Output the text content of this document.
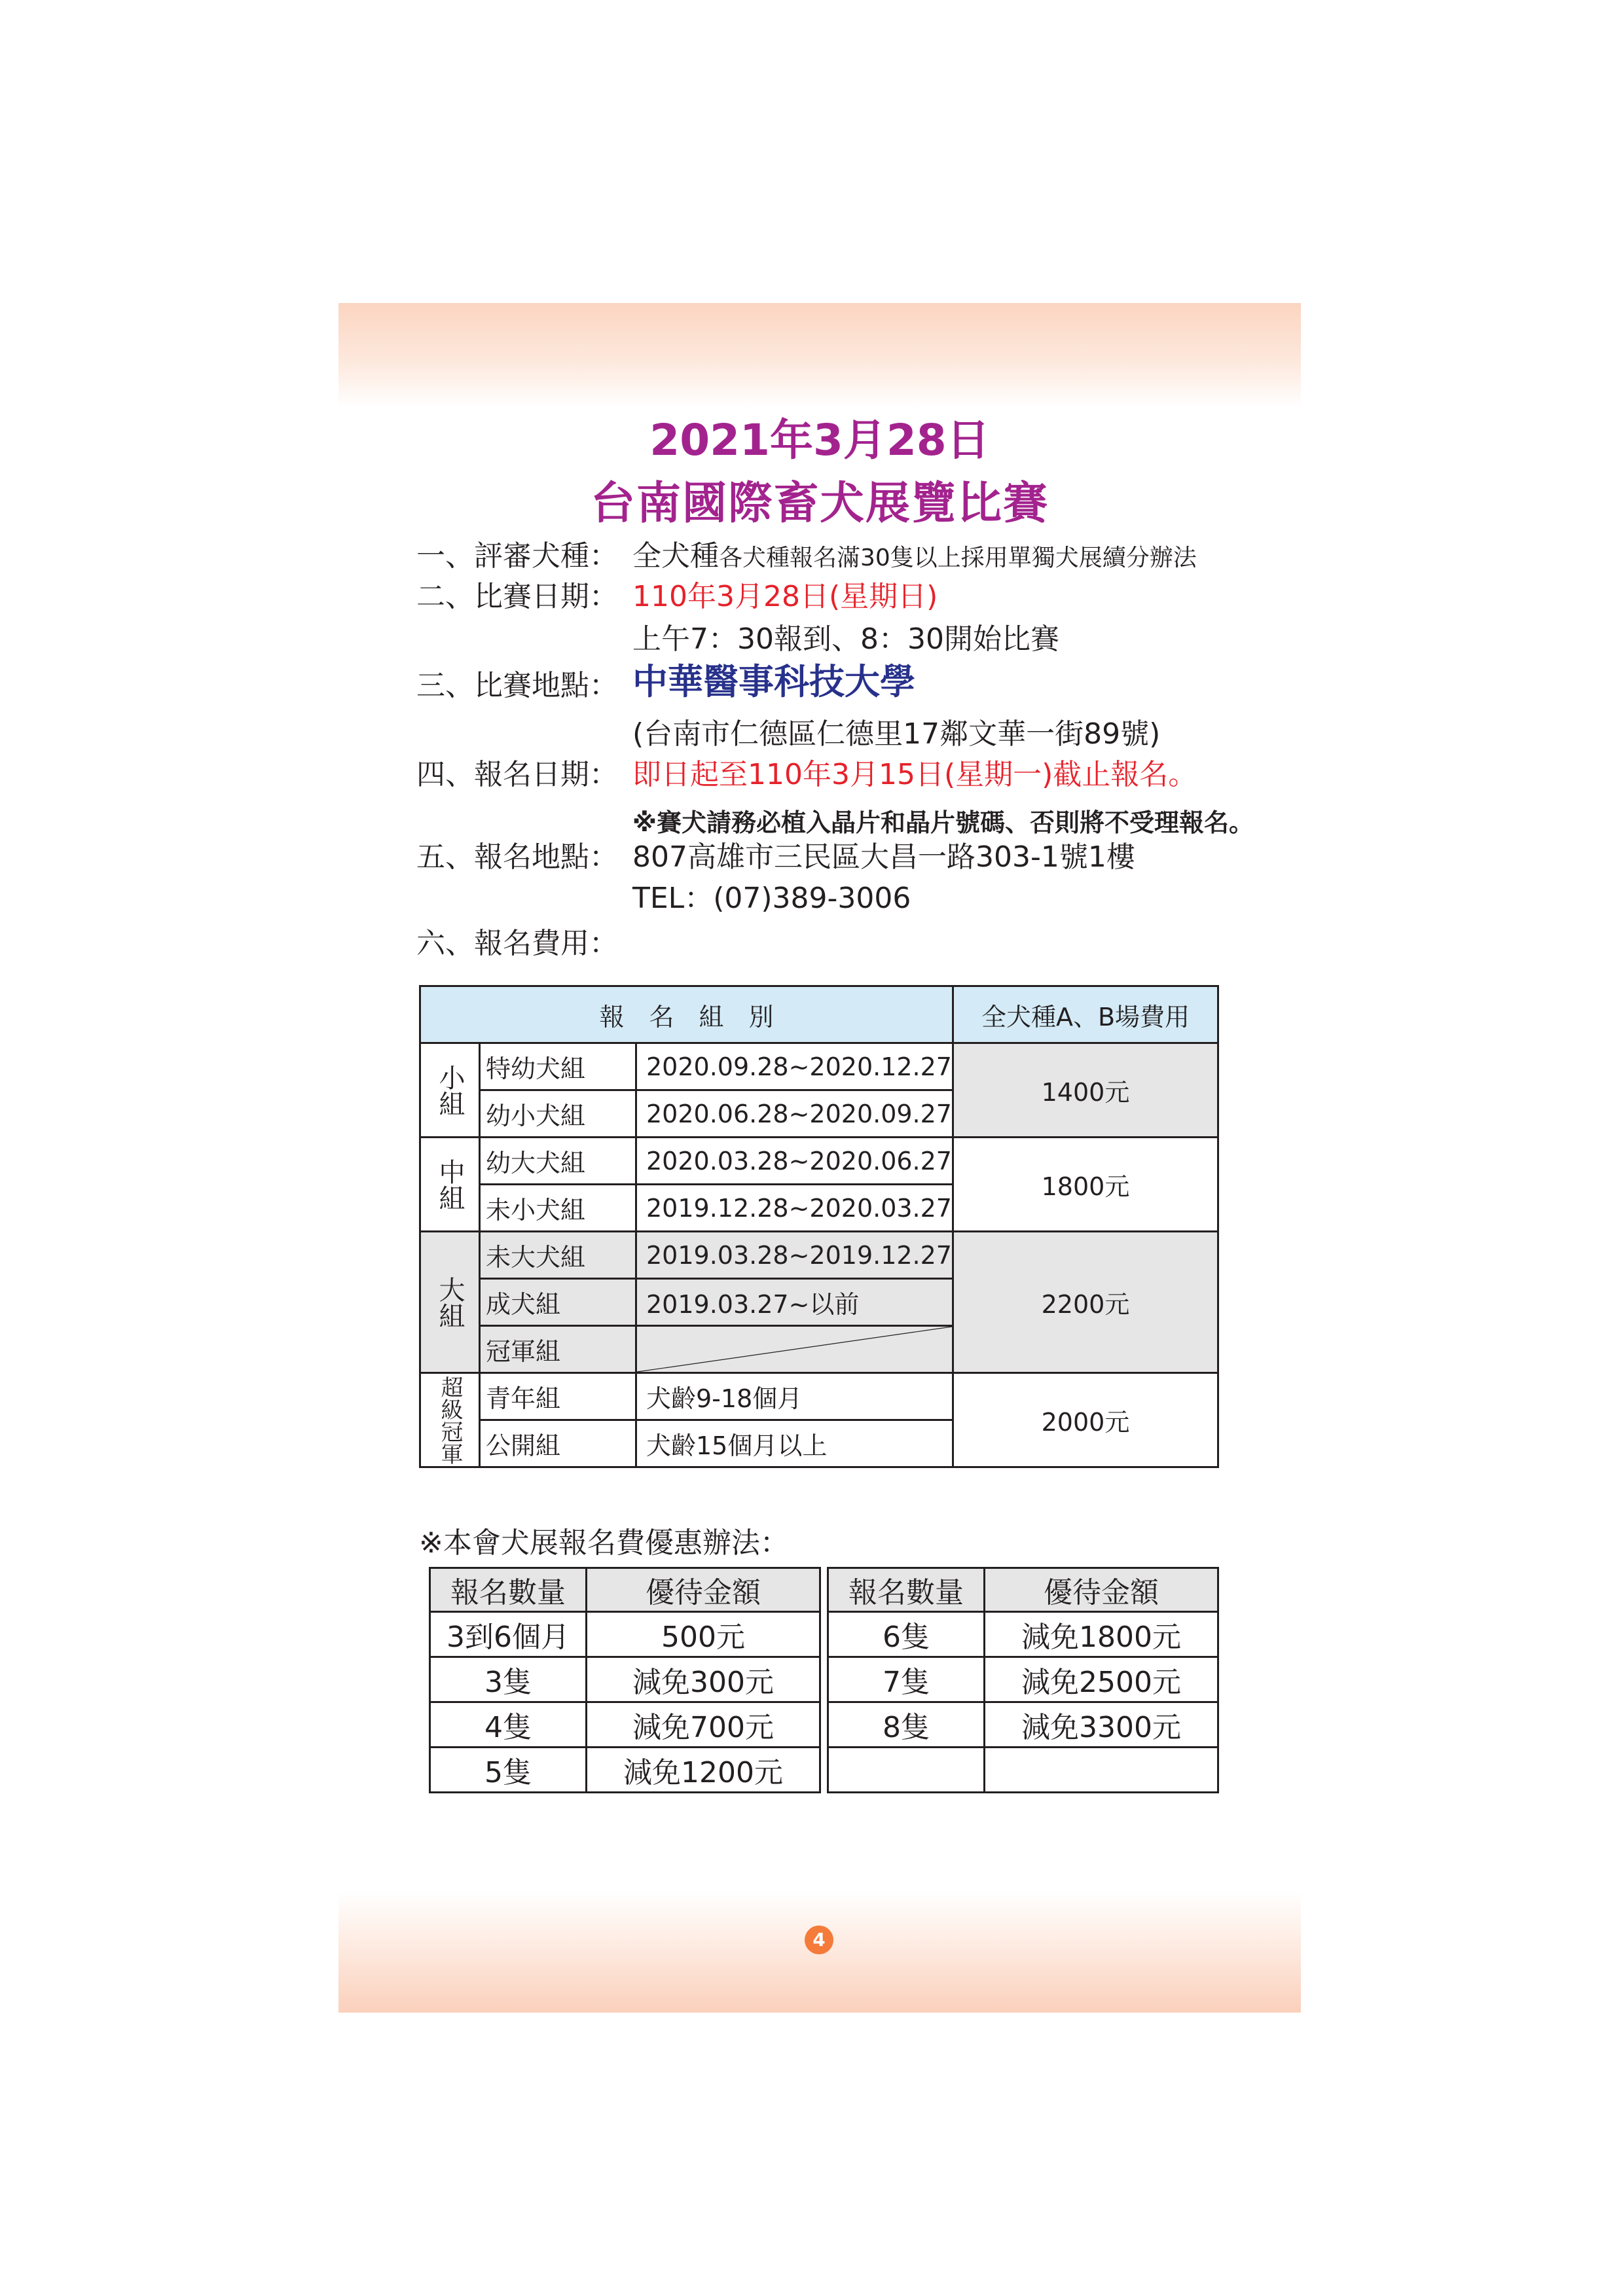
2021年3月28日
台南國際畜犬展覽比賽
一、評審犬種： 全犬種各犬種報名滿30隻以上採用單獨犬展續分辦法
二、比賽日期： 110年3月28日(星期日)
上午7：30報到、8：30開始比賽
三、比賽地點： 中華醫事科技大學
(台南市仁德區仁德里17鄰文華一街89號)
四、報名日期： 即日起至110年3月15日(星期一)截止報名。
※賽犬請務必植入晶片和晶片號碼、否則將不受理報名。
五、報名地點： 807高雄市三民區大昌一路303-1號1樓
TEL：(07)389-3006
六、報名費用：
報　名　組　別			全犬種A、B場費用
小組	特幼犬組	2020.09.28~2020.12.27	1400元
	幼小犬組	2020.06.28~2020.09.27	
中組	幼大犬組	2020.03.28~2020.06.27	1800元
	未小犬組	2019.12.28~2020.03.27	
大組	未大犬組	2019.03.28~2019.12.27	2200元
	成犬組	2019.03.27~以前	
	冠軍組	

超級冠軍	青年組	犬齡9-18個月	2000元
	公開組	犬齡15個月以上	
※本會犬展報名費優惠辦法：
報名數量	優待金額
3到6個月	500元
3隻	減免300元
4隻	減免700元
5隻	減免1200元
報名數量	優待金額
6隻	減免1800元
7隻	減免2500元
8隻	減免3300元

4
